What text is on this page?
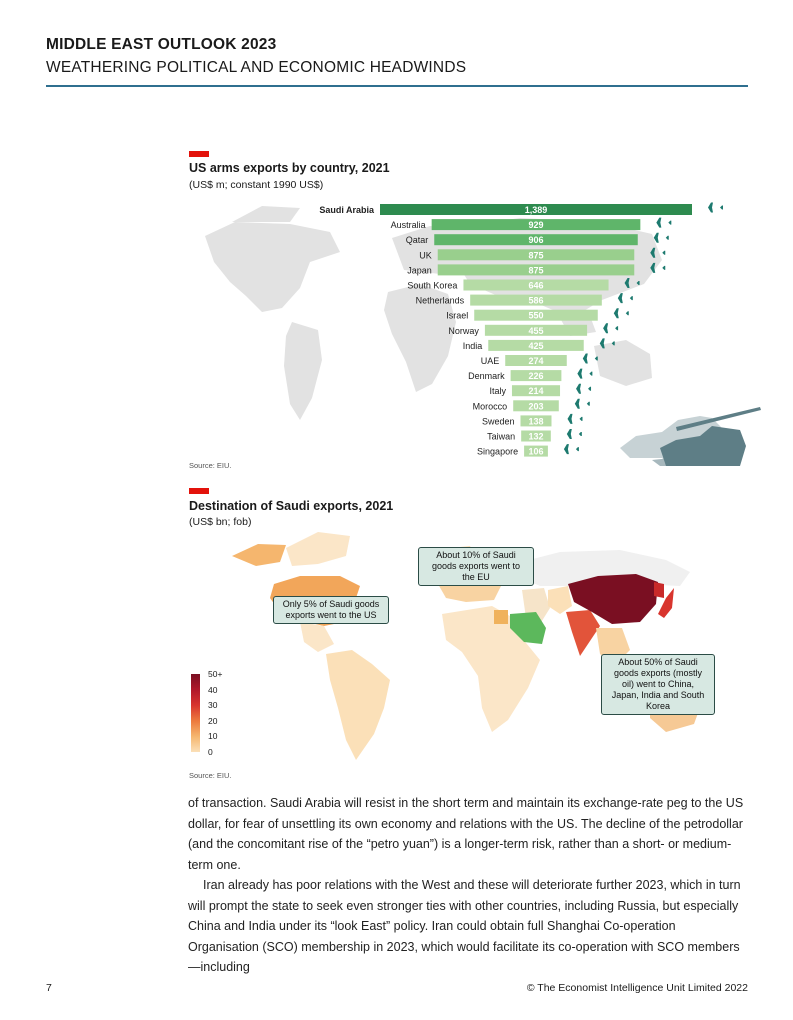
MIDDLE EAST OUTLOOK 2023
WEATHERING POLITICAL AND ECONOMIC HEADWINDS
Saudi Arabia	1,389
Australia	929
Qatar	906
UK	875
Japan	875
South Korea	646
Netherlands	586
Israel	550
Norway	455
India	425
UAE	274
Denmark	226
Italy	214
Morocco 203
Sweden 138
Taiwan 132
Singapore 106
US arms exports by country, 2021
(US$ m; constant 1990 US$)
Source: EIU.
Destination of Saudi exports, 2021
(US$ bn; fob)
About 10% of Saudi goods exports went to the EU
Only 5% of Saudi goods exports went to the US
About 50% of Saudi goods exports (mostly oil) went to China, Japan, India and South Korea
50+
40
30
20
10
0
Source: EIU.

of transaction. Saudi Arabia will resist in the short term and maintain its exchange-rate peg to the US dollar, for fear of unsettling its own economy and relations with the US. The decline of the petrodollar (and the concomitant rise of the “petro yuan”) is a longer-term risk, rather than a short- or medium-term one.

Iran already has poor relations with the West and these will deteriorate further 2023, which in turn will prompt the state to seek even stronger ties with other countries, including Russia, but especially China and India under its “look East” policy. Iran could obtain full Shanghai Co-operation Organisation (SCO) membership in 2023, which would facilitate its co-operation with SCO members—including

7	© The Economist Intelligence Unit Limited 2022
